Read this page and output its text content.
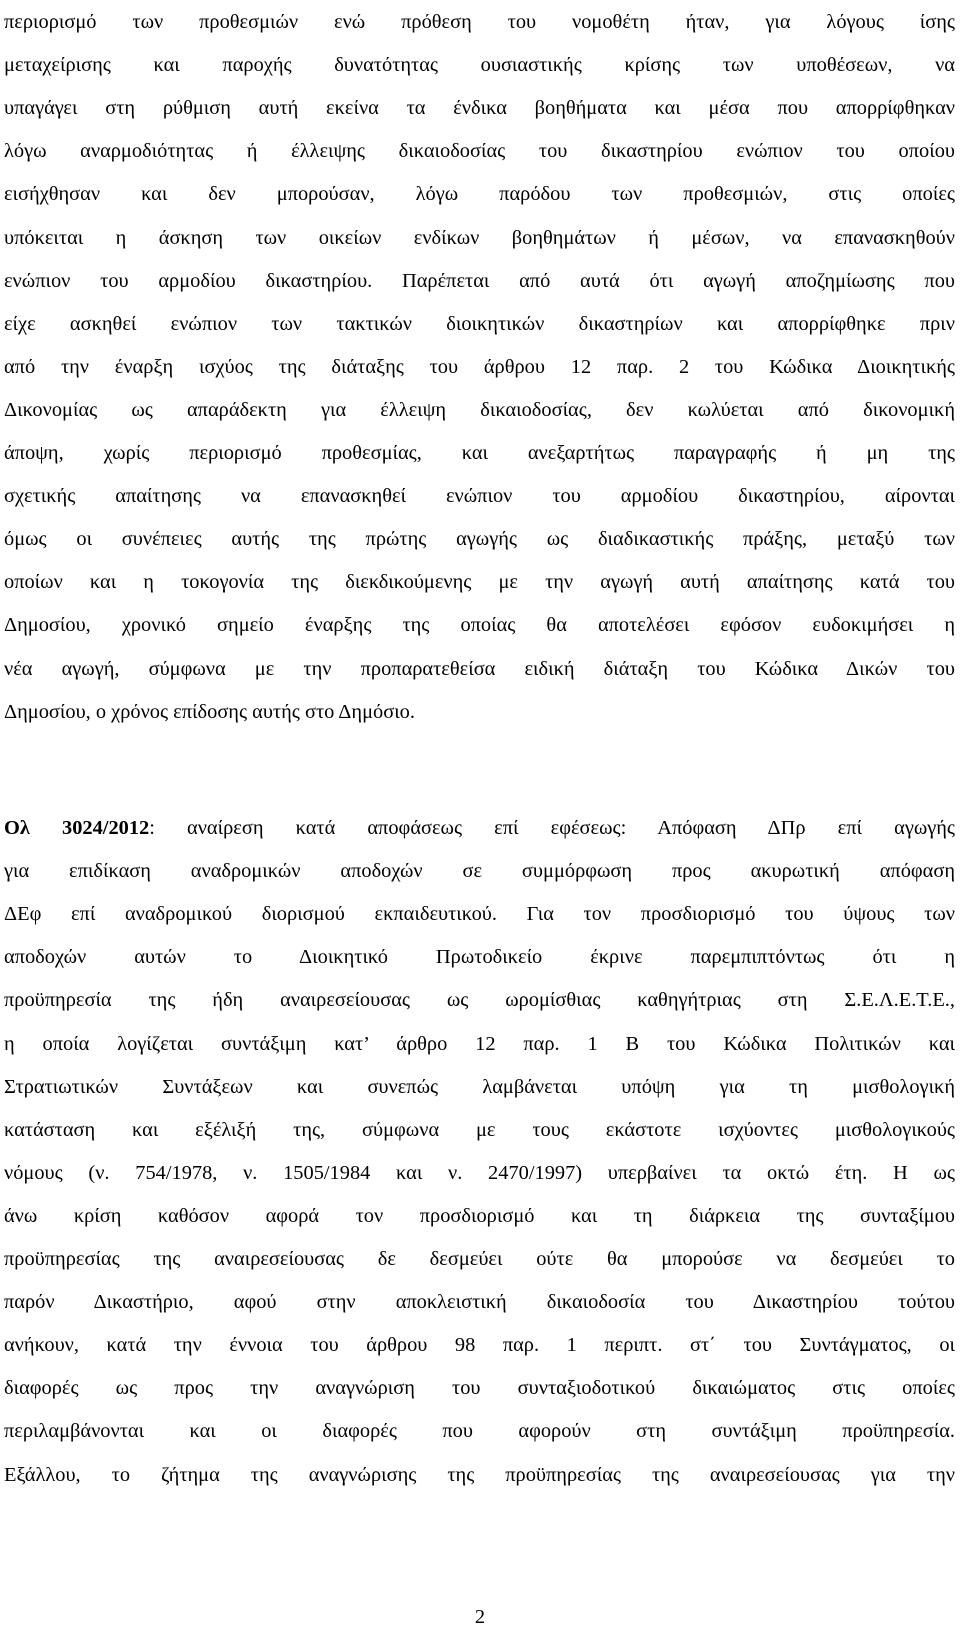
περιορισμό των προθεσμιών ενώ πρόθεση του νομοθέτη ήταν, για λόγους ίσης
μεταχείρισης και παροχής δυνατότητας ουσιαστικής κρίσης των υποθέσεων, να
υπαγάγει στη ρύθμιση αυτή εκείνα τα ένδικα βοηθήματα και μέσα που απορρίφθηκαν
λόγω αναρμοδιότητας ή έλλειψης δικαιοδοσίας του δικαστηρίου ενώπιον του οποίου
εισήχθησαν και δεν μπορούσαν, λόγω παρόδου των προθεσμιών, στις οποίες
υπόκειται η άσκηση των οικείων ενδίκων βοηθημάτων ή μέσων, να επανασκηθούν
ενώπιον του αρμοδίου δικαστηρίου. Παρέπεται από αυτά ότι αγωγή αποζημίωσης που
είχε ασκηθεί ενώπιον των τακτικών διοικητικών δικαστηρίων και απορρίφθηκε πριν
από την έναρξη ισχύος της διάταξης του άρθρου 12 παρ. 2 του Κώδικα Διοικητικής
Δικονομίας ως απαράδεκτη για έλλειψη δικαιοδοσίας, δεν κωλύεται από δικονομική
άποψη, χωρίς περιορισμό προθεσμίας, και ανεξαρτήτως παραγραφής ή μη της
σχετικής απαίτησης να επανασκηθεί ενώπιον του αρμοδίου δικαστηρίου, αίρονται
όμως οι συνέπειες αυτής της πρώτης αγωγής ως διαδικαστικής πράξης, μεταξύ των
οποίων και η τοκογονία της διεκδικούμενης με την αγωγή αυτή απαίτησης κατά του
Δημοσίου, χρονικό σημείο έναρξης της οποίας θα αποτελέσει εφόσον ευδοκιμήσει η
νέα αγωγή, σύμφωνα με την προπαρατεθείσα ειδική διάταξη του Κώδικα Δικών του
Δημοσίου, ο χρόνος επίδοσης αυτής στο Δημόσιο.
Ολ 3024/2012: αναίρεση κατά αποφάσεως επί εφέσεως: Απόφαση ΔΠρ επί αγωγής
για επιδίκαση αναδρομικών αποδοχών σε συμμόρφωση προς ακυρωτική απόφαση
ΔΕφ επί αναδρομικού διορισμού εκπαιδευτικού. Για τον προσδιορισμό του ύψους των
αποδοχών αυτών το Διοικητικό Πρωτοδικείο έκρινε παρεμπιπτόντως ότι η
προϋπηρεσία της ήδη αναιρεσείουσας ως ωρομίσθιας καθηγήτριας στη Σ.Ε.Λ.Ε.Τ.Ε.,
η οποία λογίζεται συντάξιμη κατ’ άρθρο 12 παρ. 1 Β του Κώδικα Πολιτικών και
Στρατιωτικών Συντάξεων και συνεπώς λαμβάνεται υπόψη για τη μισθολογική
κατάσταση και εξέλιξή της, σύμφωνα με τους εκάστοτε ισχύοντες μισθολογικούς
νόμους (ν. 754/1978, ν. 1505/1984 και ν. 2470/1997) υπερβαίνει τα οκτώ έτη. Η ως
άνω κρίση καθόσον αφορά τον προσδιορισμό και τη διάρκεια της συνταξίμου
προϋπηρεσίας της αναιρεσείουσας δε δεσμεύει ούτε θα μπορούσε να δεσμεύει το
παρόν Δικαστήριο, αφού στην αποκλειστική δικαιοδοσία του Δικαστηρίου τούτου
ανήκουν, κατά την έννοια του άρθρου 98 παρ. 1 περιπτ. στ΄ του Συντάγματος, οι
διαφορές ως προς την αναγνώριση του συνταξιοδοτικού δικαιώματος στις οποίες
περιλαμβάνονται και οι διαφορές που αφορούν στη συντάξιμη προϋπηρεσία.
Εξάλλου, το ζήτημα της αναγνώρισης της προϋπηρεσίας της αναιρεσείουσας για την
2
